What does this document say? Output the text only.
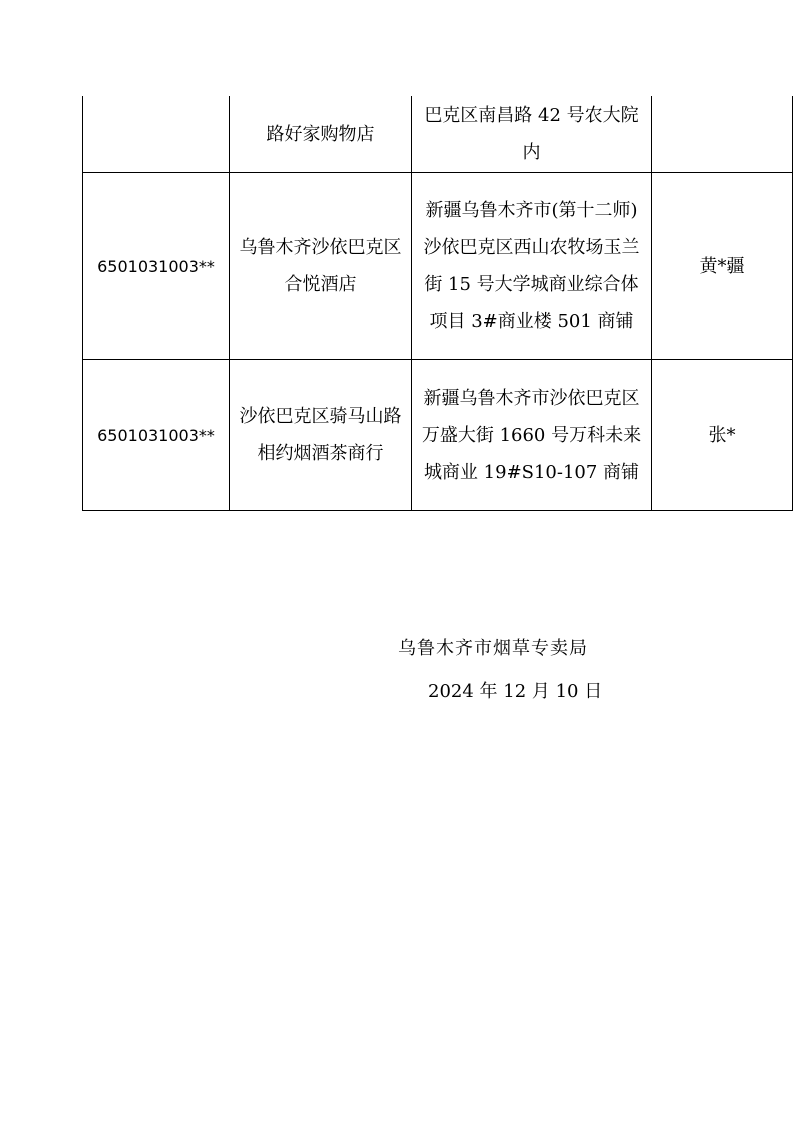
	路好家购物店	巴克区南昌路 42 号农大院内	
6501031003**	乌鲁木齐沙依巴克区合悦酒店	新疆乌鲁木齐市(第十二师)沙依巴克区西山农牧场玉兰街 15 号大学城商业综合体项目 3#商业楼 501 商铺	黄*疆
6501031003**	沙依巴克区骑马山路相约烟酒茶商行	新疆乌鲁木齐市沙依巴克区万盛大街 1660 号万科未来城商业 19#S10-107 商铺	张*
乌鲁木齐市烟草专卖局
2024 年 12 月 10 日
